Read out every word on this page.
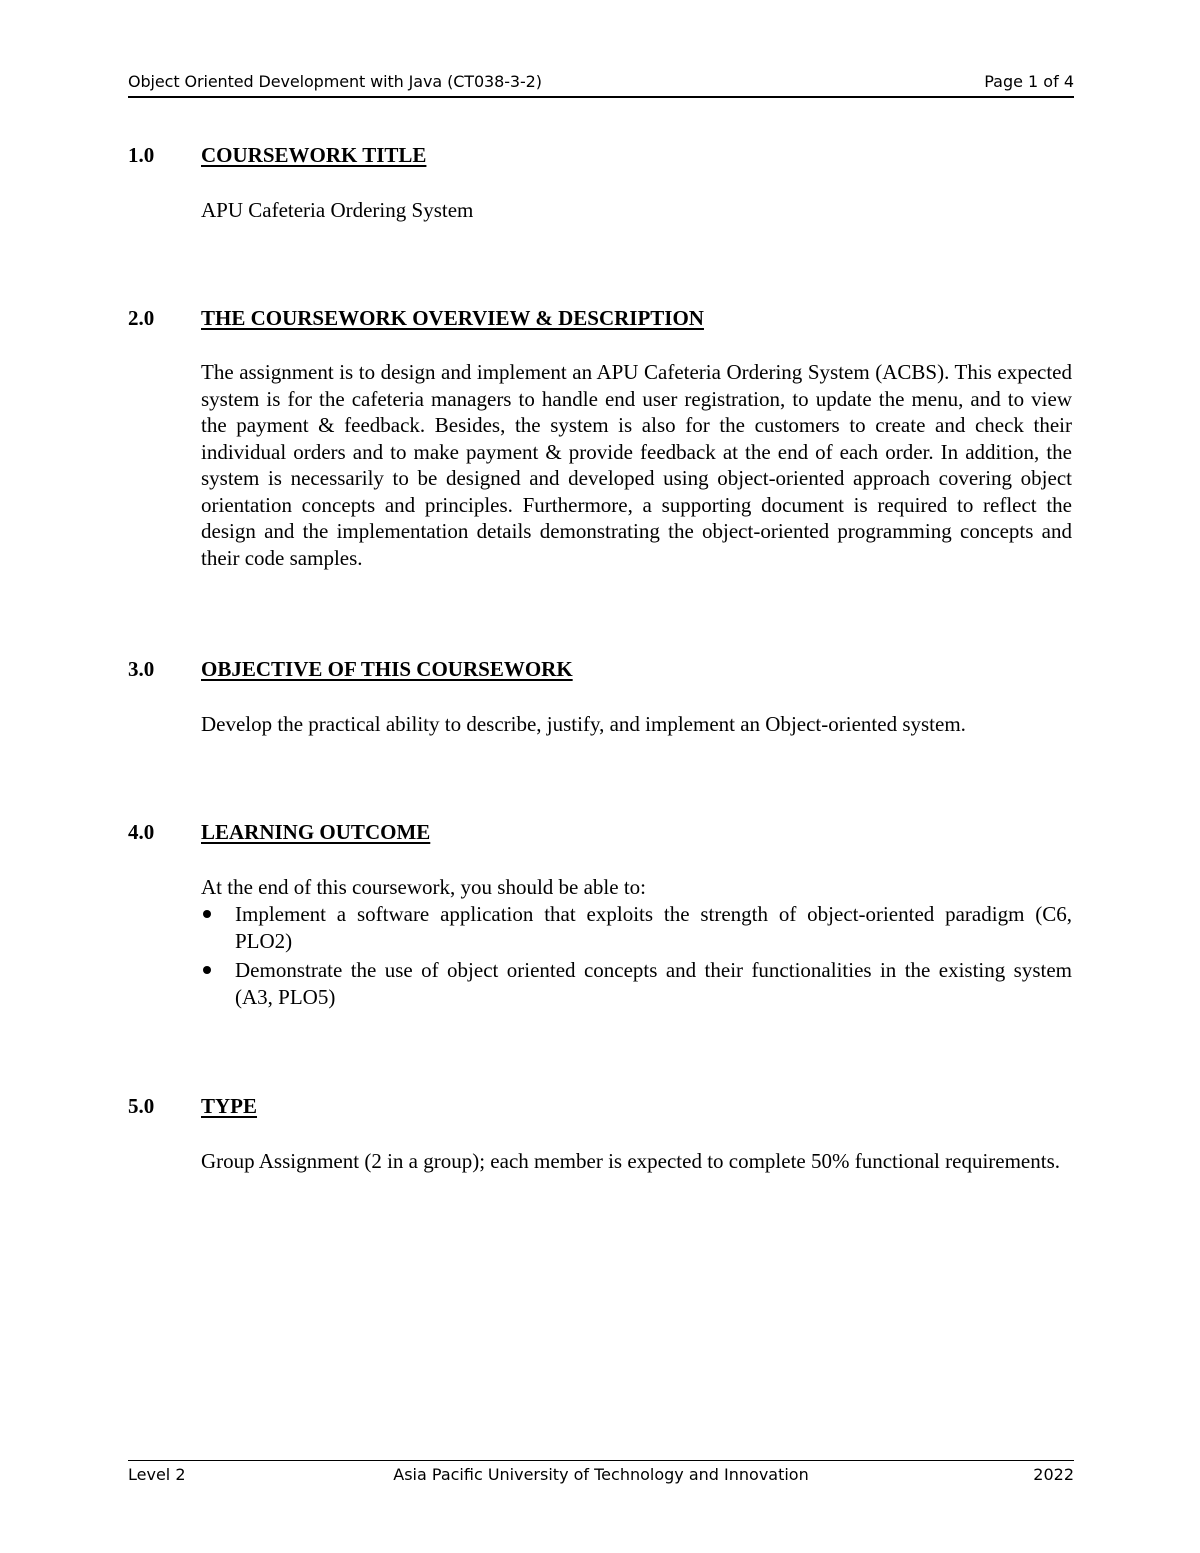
Object Oriented Development with Java (CT038-3-2)	Page 1 of 4
1.0	COURSEWORK TITLE

APU Cafeteria Ordering System

2.0	THE COURSEWORK OVERVIEW & DESCRIPTION

The assignment is to design and implement an APU Cafeteria Ordering System (ACBS). This expected system is for the cafeteria managers to handle end user registration, to update the menu, and to view the payment & feedback. Besides, the system is also for the customers to create and check their individual orders and to make payment & provide feedback at the end of each order. In addition, the system is necessarily to be designed and developed using object-oriented approach covering object orientation concepts and principles. Furthermore, a supporting document is required to reflect the design and the implementation details demonstrating the object-oriented programming concepts and their code samples.

3.0	OBJECTIVE OF THIS COURSEWORK

Develop the practical ability to describe, justify, and implement an Object-oriented system.

4.0	LEARNING OUTCOME

At the end of this coursework, you should be able to:

Implement a software application that exploits the strength of object-oriented paradigm (C6, PLO2)
Demonstrate the use of object oriented concepts and their functionalities in the existing system (A3, PLO5)
5.0	TYPE

Group Assignment (2 in a group); each member is expected to complete 50% functional requirements.

Level 2	Asia Pacific University of Technology and Innovation	2022
